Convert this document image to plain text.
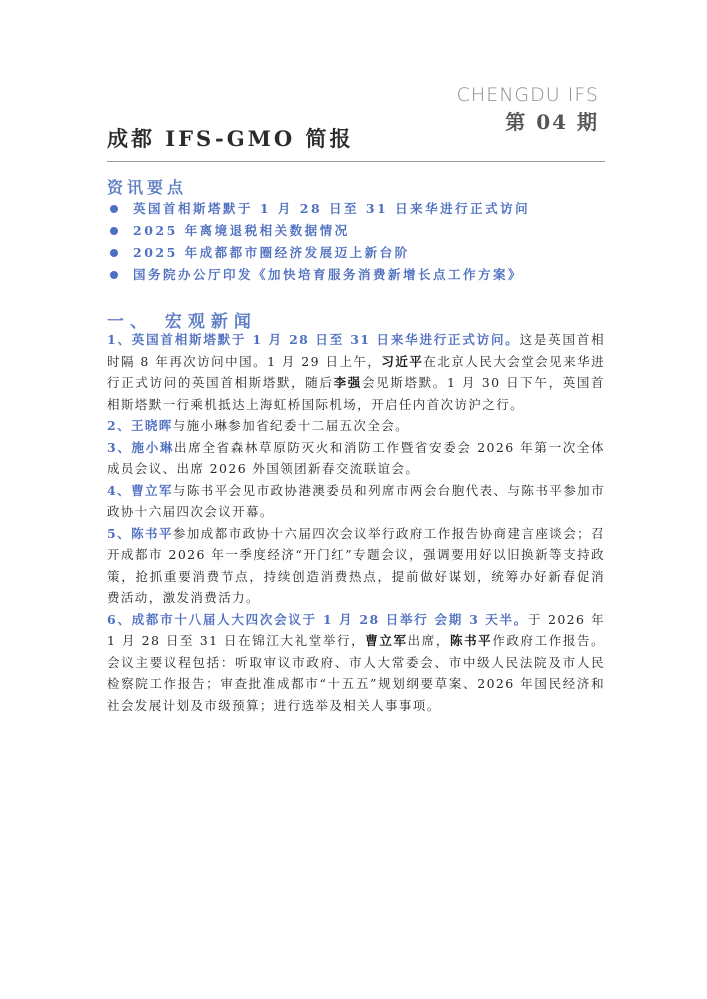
CHENGDU IFS
第 04 期
成都 IFS-GMO 简报
资讯要点
英国首相斯塔默于 1 月 28 日至 31 日来华进行正式访问
2025 年离境退税相关数据情况
2025 年成都都市圈经济发展迈上新台阶
国务院办公厅印发《加快培育服务消费新增长点工作方案》
一、 宏观新闻

1、英国首相斯塔默于 1 月 28 日至 31 日来华进行正式访问。这是英国首相时隔 8 年再次访问中国。1 月 29 日上午，习近平在北京人民大会堂会见来华进行正式访问的英国首相斯塔默，随后李强会见斯塔默。1 月 30 日下午，英国首相斯塔默一行乘机抵达上海虹桥国际机场，开启任内首次访沪之行。

2、王晓晖与施小琳参加省纪委十二届五次全会。

3、施小琳出席全省森林草原防灭火和消防工作暨省安委会 2026 年第一次全体成员会议、出席 2026 外国领团新春交流联谊会。

4、曹立军与陈书平会见市政协港澳委员和列席市两会台胞代表、与陈书平参加市政协十六届四次会议开幕。

5、陈书平参加成都市政协十六届四次会议举行政府工作报告协商建言座谈会；召开成都市 2026 年一季度经济“开门红”专题会议，强调要用好以旧换新等支持政策，抢抓重要消费节点，持续创造消费热点，提前做好谋划，统筹办好新春促消费活动，激发消费活力。

6、成都市十八届人大四次会议于 1 月 28 日举行 会期 3 天半。于 2026 年 1 月 28 日至 31 日在锦江大礼堂举行，曹立军出席，陈书平作政府工作报告。会议主要议程包括：听取审议市政府、市人大常委会、市中级人民法院及市人民检察院工作报告；审查批准成都市“十五五”规划纲要草案、2026 年国民经济和社会发展计划及市级预算；进行选举及相关人事事项。
